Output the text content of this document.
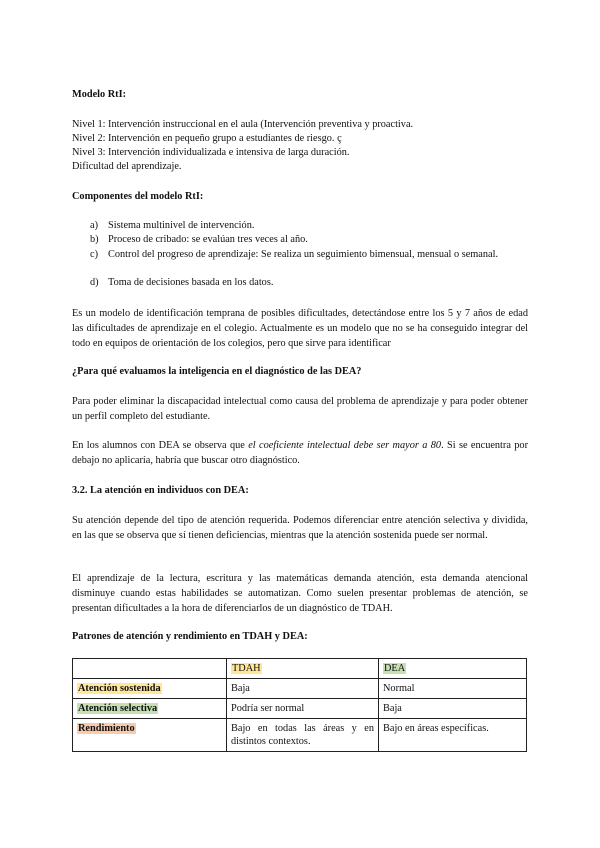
Modelo RtI:
Nivel 1: Intervención instruccional en el aula (Intervención preventiva y proactiva.
Nivel 2: Intervención en pequeño grupo a estudiantes de riesgo. ç
Nivel 3: Intervención individualizada e intensiva de larga duración.
Dificultad del aprendizaje.
Componentes del modelo RtI:
a) Sistema multinivel de intervención.
b) Proceso de cribado: se evalúan tres veces al año.
c) Control del progreso de aprendizaje: Se realiza un seguimiento bimensual, mensual o semanal.
d) Toma de decisiones basada en los datos.
Es un modelo de identificación temprana de posibles dificultades, detectándose entre los 5 y 7 años de edad las dificultades de aprendizaje en el colegio. Actualmente es un modelo que no se ha conseguido integrar del todo en equipos de orientación de los colegios, pero que sirve para identificar
¿Para qué evaluamos la inteligencia en el diagnóstico de las DEA?
Para poder eliminar la discapacidad intelectual como causa del problema de aprendizaje y para poder obtener un perfil completo del estudiante.
En los alumnos con DEA se observa que el coeficiente intelectual debe ser mayor a 80. Si se encuentra por debajo no aplicaría, habría que buscar otro diagnóstico.
3.2. La atención en individuos con DEA:
Su atención depende del tipo de atención requerida. Podemos diferenciar entre atención selectiva y dividida, en las que se observa que sí tienen deficiencias, mientras que la atención sostenida puede ser normal.
El aprendizaje de la lectura, escritura y las matemáticas demanda atención, esta demanda atencional disminuye cuando estas habilidades se automatizan. Como suelen presentar problemas de atención, se presentan dificultades a la hora de diferenciarlos de un diagnóstico de TDAH.
Patrones de atención y rendimiento en TDAH y DEA:
	TDAH	DEA
Atención sostenida	Baja	Normal
Atención selectiva	Podría ser normal	Baja
Rendimiento	Bajo en todas las áreas y en distintos contextos.	Bajo en áreas específicas.
